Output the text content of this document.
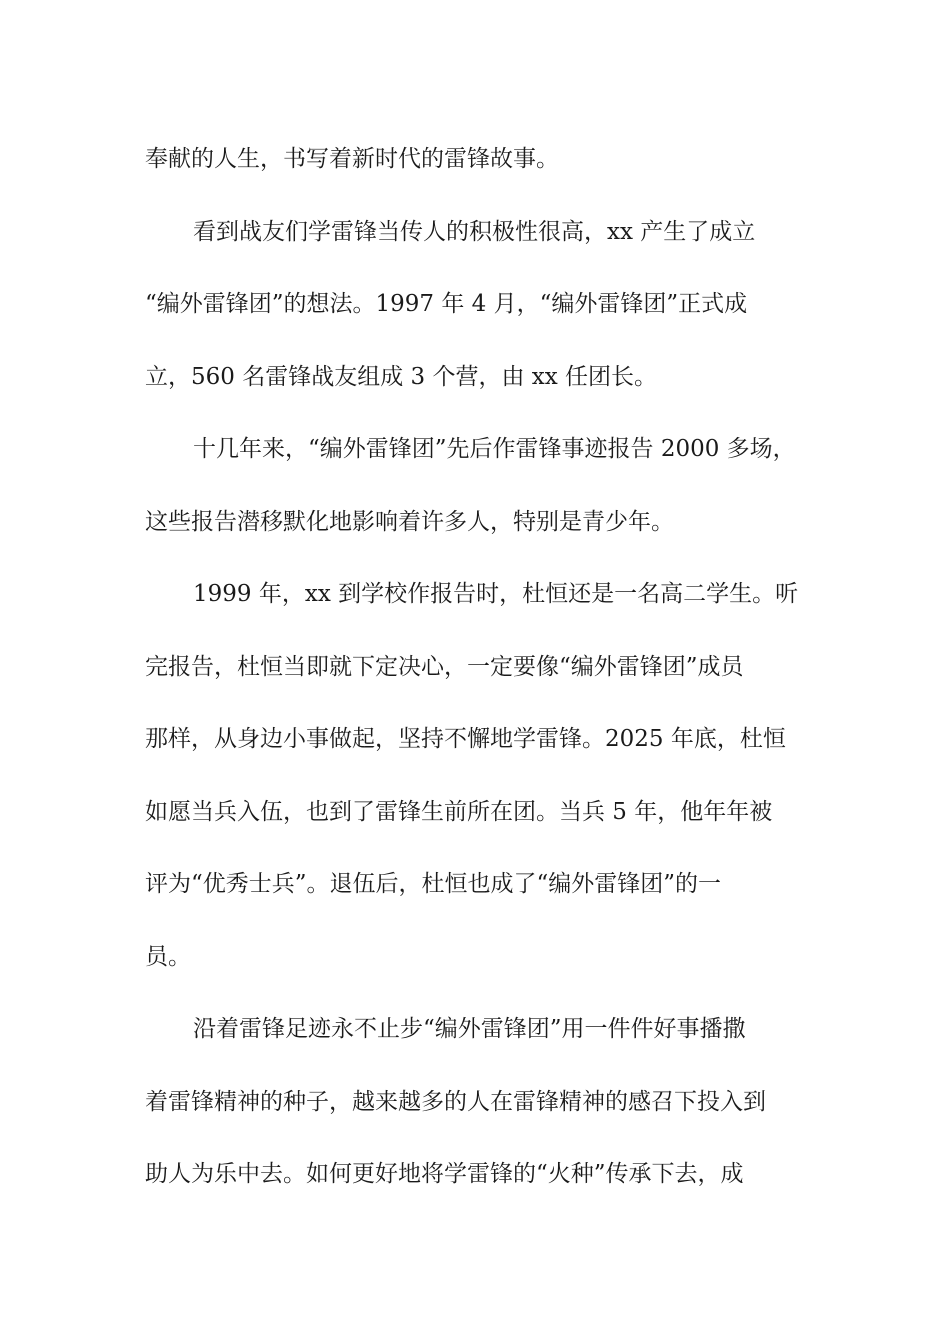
奉献的人生，书写着新时代的雷锋故事。
看到战友们学雷锋当传人的积极性很高，xx 产生了成立
“编外雷锋团”的想法。1997 年 4 月，“编外雷锋团”正式成
立，560 名雷锋战友组成 3 个营，由 xx 任团长。
十几年来，“编外雷锋团”先后作雷锋事迹报告 2000 多场，
这些报告潜移默化地影响着许多人，特别是青少年。
1999 年，xx 到学校作报告时，杜恒还是一名高二学生。听
完报告，杜恒当即就下定决心，一定要像“编外雷锋团”成员
那样，从身边小事做起，坚持不懈地学雷锋。2025 年底，杜恒
如愿当兵入伍，也到了雷锋生前所在团。当兵 5 年，他年年被
评为“优秀士兵”。退伍后，杜恒也成了“编外雷锋团”的一
员。
沿着雷锋足迹永不止步“编外雷锋团”用一件件好事播撒
着雷锋精神的种子，越来越多的人在雷锋精神的感召下投入到
助人为乐中去。如何更好地将学雷锋的“火种”传承下去，成
